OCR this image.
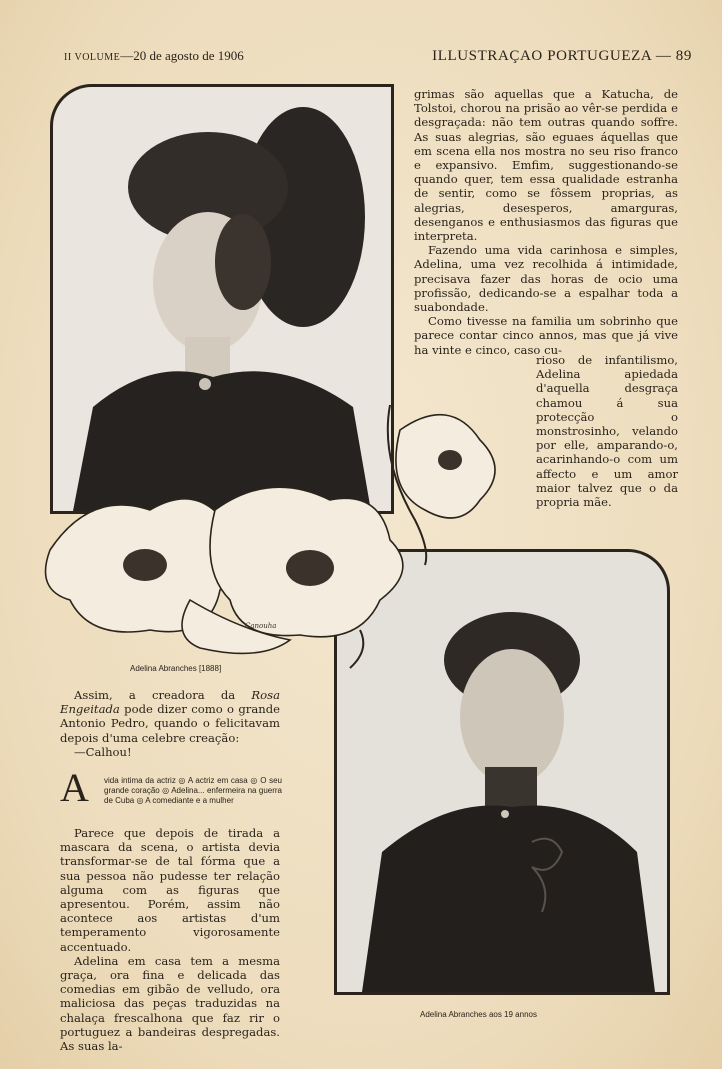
II VOLUME—20 de agosto de 1906	ILLUSTRAÇAO PORTUGUEZA — 89
Adelina Abranches [1888]
Adelina Abranches aos 19 annos
Canouha

grimas são aquellas que a Katucha, de Tolstoi, chorou na prisão ao vêr-se perdida e desgraçada: não tem outras quando soffre. As suas alegrias, são eguaes áquellas que em scena ella nos mostra no seu riso franco e expansivo. Emfim, suggestionando-se quando quer, tem essa qualidade estranha de sentir, como se fôssem proprias, as alegrias, desesperos, amarguras, desenganos e enthusiasmos das figuras que interpreta.

Fazendo uma vida carinhosa e simples, Adelina, uma vez recolhida á intimidade, precisava fazer das horas de ocio uma profissão, dedicando-se a espalhar toda a suabondade.

Como tivesse na familia um sobrinho que parece contar cinco annos, mas que já vive ha vinte e cinco, caso cu-

rioso de infantilismo, Adelina apiedada d'aquella desgraça chamou á sua protecção o monstrosinho, velando por elle, amparando-o, acarinhando-o com um affecto e um amor maior talvez que o da propria mãe.

Assim, a creadora da Rosa Engeitada pode dizer como o grande Antonio Pedro, quando o felicitavam depois d'uma celebre creação:

—Calhou!

A vida intima da actriz ◎ A actriz em casa ◎ O seu grande coração ◎ Adelina... enfermeira na guerra de Cuba ◎ A comediante e a mulher

Parece que depois de tirada a mascara da scena, o artista devia transformar-se de tal fórma que a sua pessoa não pudesse ter relação alguma com as figuras que apresentou. Porém, assim não acontece aos artistas d'um temperamento vigorosamente accentuado.

Adelina em casa tem a mesma graça, ora fina e delicada das comedias em gibão de velludo, ora maliciosa das peças traduzidas na chalaça frescalhona que faz rir o portuguez a bandeiras despregadas. As suas la-
